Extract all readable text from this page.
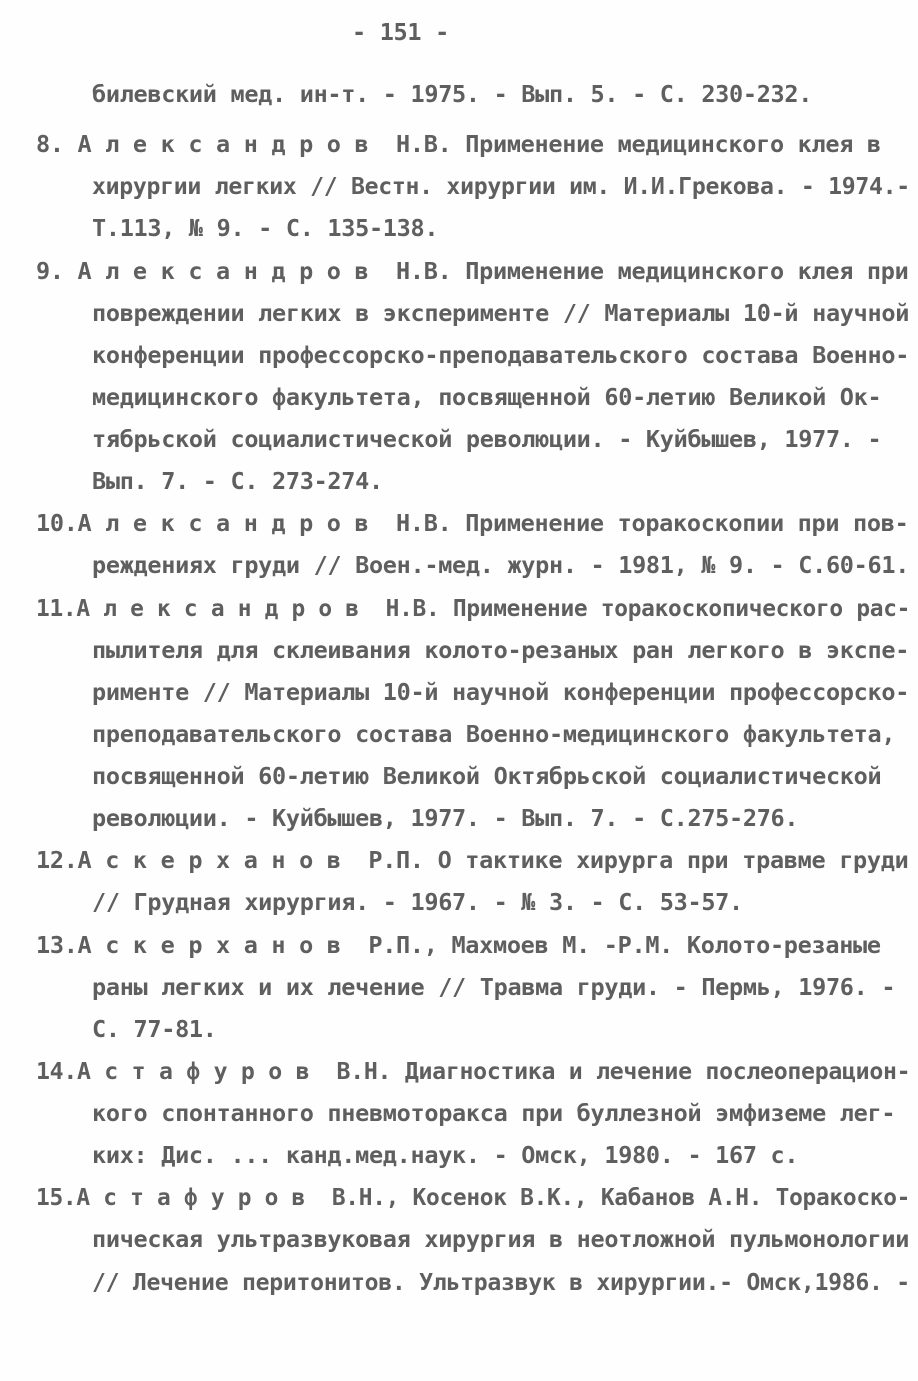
- 151 -
билевский мед. ин-т. - 1975. - Вып. 5. - С. 230-232.
8. А л е к с а н д р о в  Н.В. Применение медицинского клея в
хирургии легких // Вестн. хирургии им. И.И.Грекова. - 1974.-
Т.113, № 9. - С. 135-138.
9. А л е к с а н д р о в  Н.В. Применение медицинского клея при
повреждении легких в эксперименте // Материалы 10-й научной
конференции профессорско-преподавательского состава Военно-
медицинского факультета, посвященной 60-летию Великой Ок-
тябрьской социалистической революции. - Куйбышев, 1977. -
Вып. 7. - С. 273-274.
10.А л е к с а н д р о в  Н.В. Применение торакоскопии при пов-
реждениях груди // Воен.-мед. журн. - 1981, № 9. - С.60-61.
11.А л е к с а н д р о в  Н.В. Применение торакоскопического рас-
пылителя для склеивания колото-резаных ран легкого в экспе-
рименте // Материалы 10-й научной конференции профессорско-
преподавательского состава Военно-медицинского факультета,
посвященной 60-летию Великой Октябрьской социалистической
революции. - Куйбышев, 1977. - Вып. 7. - С.275-276.
12.А с к е р х а н о в  Р.П. О тактике хирурга при травме груди
// Грудная хирургия. - 1967. - № 3. - С. 53-57.
13.А с к е р х а н о в  Р.П., Махмоев М. -Р.М. Колото-резаные
раны легких и их лечение // Травма груди. - Пермь, 1976. -
С. 77-81.
14.А с т а ф у р о в  В.Н. Диагностика и лечение послеоперацион-
кого спонтанного пневмоторакса при буллезной эмфиземе лег-
ких: Дис. ... канд.мед.наук. - Омск, 1980. - 167 с.
15.А с т а ф у р о в  В.Н., Косенок В.К., Кабанов А.Н. Торакоско-
пическая ультразвуковая хирургия в неотложной пульмонологии
// Лечение перитонитов. Ультразвук в хирургии.- Омск,1986. -
